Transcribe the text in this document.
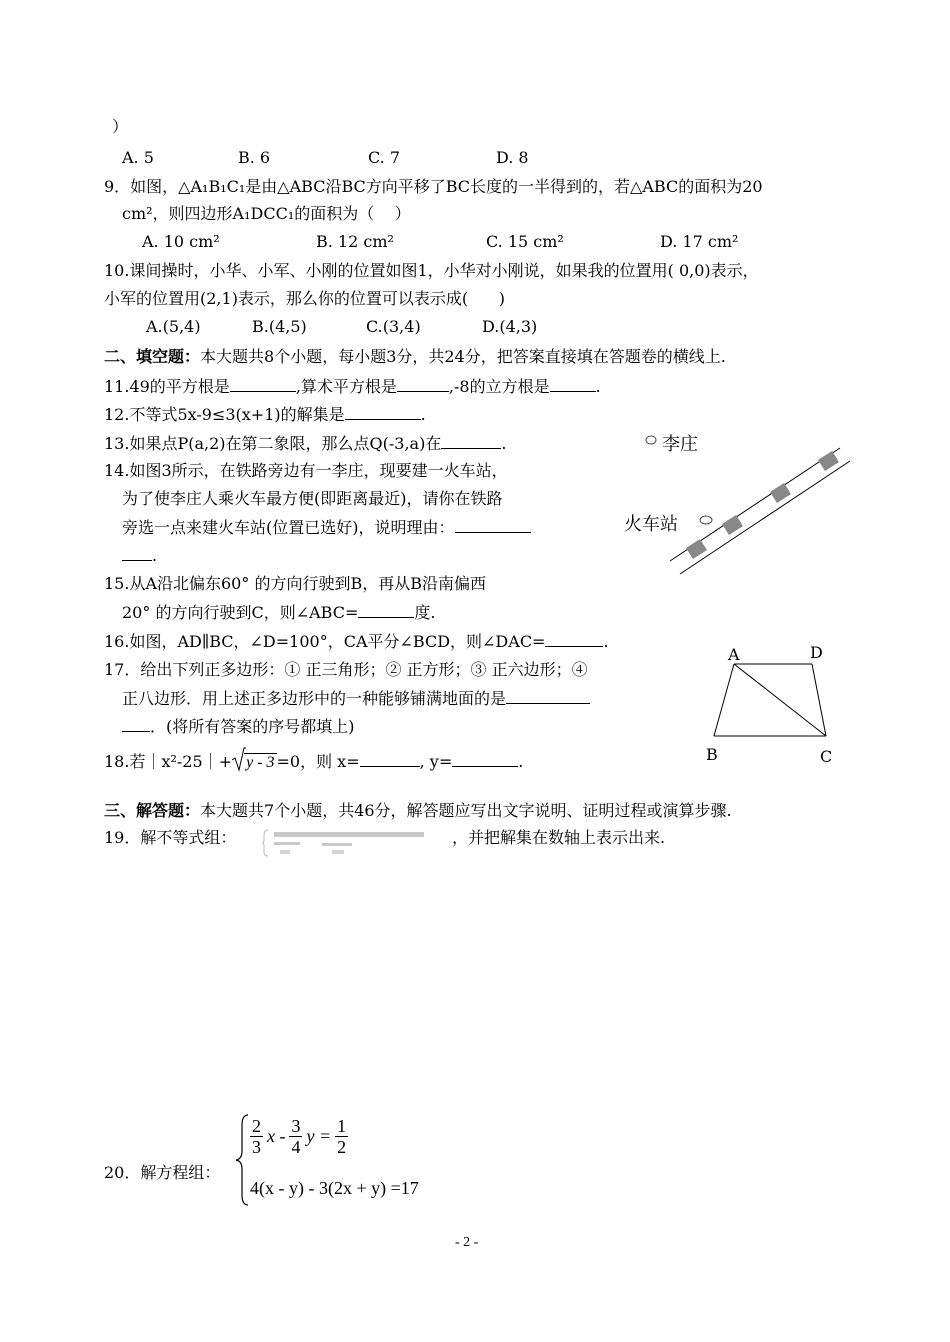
）
A. 5	B. 6	C. 7	D. 8
9．如图，△A₁B₁C₁是由△ABC沿BC方向平移了BC长度的一半得到的，若△ABC的面积为20
cm²，则四边形A₁DCC₁的面积为（    ）
A. 10 cm²	B. 12 cm²	C. 15 cm²	D. 17 cm²
10.课间操时，小华、小军、小刚的位置如图1，小华对小刚说，如果我的位置用( 0,0)表示，
小军的位置用(2,1)表示，那么你的位置可以表示成(      )
A.(5,4)	B.(4,5)	C.(3,4)	D.(4,3)
二、填空题：本大题共8个小题，每小题3分，共24分，把答案直接填在答题卷的横线上.
11.49的平方根是	,算术平方根是	,-8的立方根是	.
12.不等式5x-9≤3(x+1)的解集是	.
13.如果点P(a,2)在第二象限，那么点Q(-3,a)在	.
14.如图3所示，在铁路旁边有一李庄，现要建一火车站，
为了使李庄人乘火车最方便(即距离最近)，请你在铁路
旁选一点来建火车站(位置已选好)，说明理由：
.
李庄
火车站
15.从A沿北偏东60° 的方向行驶到B，再从B沿南偏西
20° 的方向行驶到C，则∠ABC=	度.
16.如图，AD∥BC，∠D=100°，CA平分∠BCD，则∠DAC=	.
17．给出下列正多边形：① 正三角形；② 正方形；③ 正六边形；④
正八边形．用上述正多边形中的一种能够铺满地面的是
．(将所有答案的序号都填上)
A	D
B	C
18.若｜x²-25｜+ y - 3 =0，则 x=	, y=	.
三、解答题：本大题共7个小题，共46分，解答题应写出文字说明、证明过程或演算步骤.
19．解不等式组：	，并把解集在数轴上表示出来.
20．解方程组：
$\frac{2}{3}$ x - $\frac{3}{4}$ $y = \frac{1}{2}$
4(x - y) - 3(2x + y) =17
- 2 -
